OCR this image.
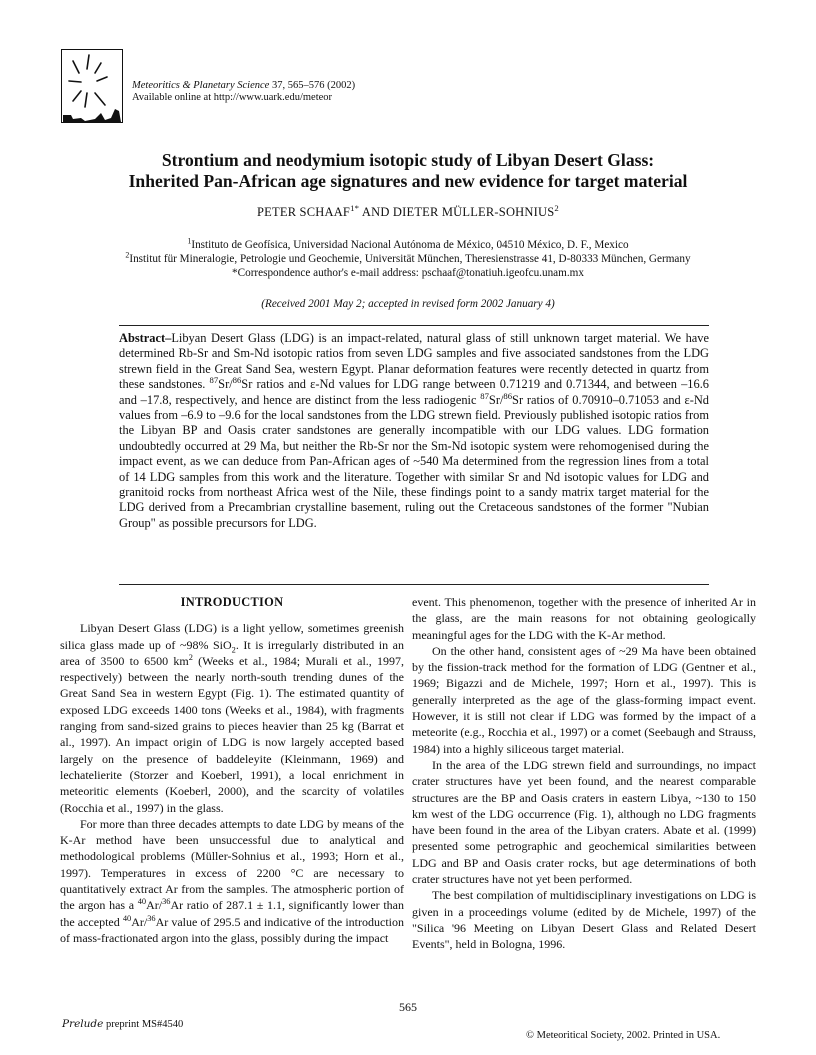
Meteoritics & Planetary Science 37, 565–576 (2002)
Available online at http://www.uark.edu/meteor
Strontium and neodymium isotopic study of Libyan Desert Glass:
Inherited Pan-African age signatures and new evidence for target material
PETER $SCHAAF^{1*}$ AND DIETER MÜLLER-SOHNIUS$^2$
$^1$Instituto de Geofísica, Universidad Nacional Autónoma de México, 04510 México, D. F., Mexico
$^2$Institut für Mineralogie, Petrologie und Geochemie, Universität München, Theresienstrasse 41, D-80333 München, Germany
*Correspondence author's e-mail address: pschaaf@tonatiuh.igeofcu.unam.mx
(Received 2001 May 2; accepted in revised form 2002 January 4)
Abstract–Libyan Desert Glass (LDG) is an impact-related, natural glass of still unknown target material. We have determined Rb-Sr and Sm-Nd isotopic ratios from seven LDG samples and five associated sandstones from the LDG strewn field in the Great Sand Sea, western Egypt. Planar deformation features were recently detected in quartz from these sandstones. $^{87}$Sr/$^{86}$Sr ratios and ε-Nd values for LDG range between 0.71219 and 0.71344, and between –16.6 and –17.8, respectively, and hence are distinct from the less radiogenic $^{87}$Sr/$^{86}$Sr ratios of 0.70910–0.71053 and ε-Nd values from –6.9 to –9.6 for the local sandstones from the LDG strewn field. Previously published isotopic ratios from the Libyan BP and Oasis crater sandstones are generally incompatible with our LDG values. LDG formation undoubtedly occurred at 29 Ma, but neither the Rb-Sr nor the Sm-Nd isotopic system were rehomogenised during the impact event, as we can deduce from Pan-African ages of ~540 Ma determined from the regression lines from a total of 14 LDG samples from this work and the literature. Together with similar Sr and Nd isotopic values for LDG and granitoid rocks from northeast Africa west of the Nile, these findings point to a sandy matrix target material for the LDG derived from a Precambrian crystalline basement, ruling out the Cretaceous sandstones of the former "Nubian Group" as possible precursors for LDG.
INTRODUCTION

Libyan Desert Glass (LDG) is a light yellow, sometimes greenish silica glass made up of ~98% SiO$_2$. It is irregularly distributed in an area of 3500 to 6500 $km^2$ (Weeks et al., 1984; Murali et al., 1997, respectively) between the nearly north-south trending dunes of the Great Sand Sea in western Egypt (Fig. 1). The estimated quantity of exposed LDG exceeds 1400 tons (Weeks et al., 1984), with fragments ranging from sand-sized grains to pieces heavier than 25 kg (Barrat et al., 1997). An impact origin of LDG is now largely accepted based largely on the presence of baddeleyite (Kleinmann, 1969) and lechatelierite (Storzer and Koeberl, 1991), a local enrichment in meteoritic elements (Koeberl, 2000), and the scarcity of volatiles (Rocchia et al., 1997) in the glass.

For more than three decades attempts to date LDG by means of the K-Ar method have been unsuccessful due to analytical and methodological problems (Müller-Sohnius et al., 1993; Horn et al., 1997). Temperatures in excess of 2200 °C are necessary to quantitatively extract Ar from the samples. The atmospheric portion of the argon has a $^{40}$Ar/$^{36}$Ar ratio of 287.1 ± 1.1, significantly lower than the accepted $^{40}$Ar/$^{36}$Ar value of 295.5 and indicative of the introduction of mass-fractionated argon into the glass, possibly during the impact

event. This phenomenon, together with the presence of inherited Ar in the glass, are the main reasons for not obtaining geologically meaningful ages for the LDG with the K-Ar method.

On the other hand, consistent ages of ~29 Ma have been obtained by the fission-track method for the formation of LDG (Gentner et al., 1969; Bigazzi and de Michele, 1997; Horn et al., 1997). This is generally interpreted as the age of the glass-forming impact event. However, it is still not clear if LDG was formed by the impact of a meteorite (e.g., Rocchia et al., 1997) or a comet (Seebaugh and Strauss, 1984) into a highly siliceous target material.

In the area of the LDG strewn field and surroundings, no impact crater structures have yet been found, and the nearest comparable structures are the BP and Oasis craters in eastern Libya, ~130 to 150 km west of the LDG occurrence (Fig. 1), although no LDG fragments have been found in the area of the Libyan craters. Abate et al. (1999) presented some petrographic and geochemical similarities between LDG and BP and Oasis crater rocks, but age determinations of both crater structures have not yet been performed.

The best compilation of multidisciplinary investigations on LDG is given in a proceedings volume (edited by de Michele, 1997) of the "Silica '96 Meeting on Libyan Desert Glass and Related Desert Events", held in Bologna, 1996.

565
Prelude preprint MS#4540
© Meteoritical Society, 2002. Printed in USA.
